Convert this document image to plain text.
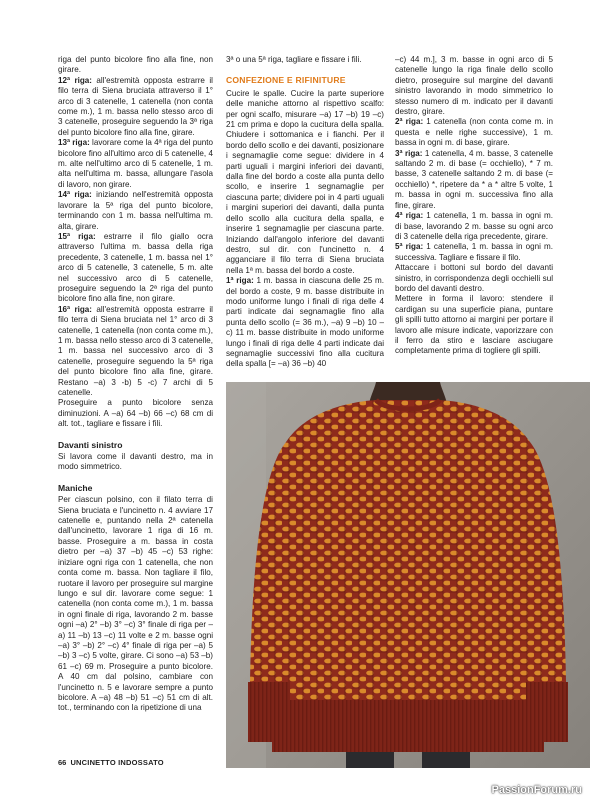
riga del punto bicolore fino alla fine, non girare.

12ª riga: all'estremità opposta estrarre il filo terra di Siena bruciata attraverso il 1° arco di 3 catenelle, 1 catenella (non conta come m.), 1 m. bassa nello stesso arco di 3 catenelle, proseguire seguendo la 3ª riga del punto bicolore fino alla fine, girare.

13ª riga: lavorare come la 4ª riga del punto bicolore fino all'ultimo arco di 5 catenelle, 4 m. alte nell'ultimo arco di 5 catenelle, 1 m. alta nell'ultima m. bassa, allungare l'asola di lavoro, non girare.

14ª riga: iniziando nell'estremità opposta lavorare la 5ª riga del punto bicolore, terminando con 1 m. bassa nell'ultima m. alta, girare.

15ª riga: estrarre il filo giallo ocra attraverso l'ultima m. bassa della riga precedente, 3 catenelle, 1 m. bassa nel 1° arco di 5 catenelle, 3 catenelle, 5 m. alte nel successivo arco di 5 catenelle, proseguire seguendo la 2ª riga del punto bicolore fino alla fine, non girare.

16ª riga: all'estremità opposta estrarre il filo terra di Siena bruciata nel 1° arco di 3 catenelle, 1 catenella (non conta come m.), 1 m. bassa nello stesso arco di 3 catenelle, 1 m. bassa nel successivo arco di 3 catenelle, proseguire seguendo la 5ª riga del punto bicolore fino alla fine, girare. Restano –a) 3 -b) 5 -c) 7 archi di 5 catenelle.

Proseguire a punto bicolore senza diminuzioni. A –a) 64 –b) 66 –c) 68 cm di alt. tot., tagliare e fissare i fili.

Davanti sinistro

Si lavora come il davanti destro, ma in modo simmetrico.

Maniche

Per ciascun polsino, con il filato terra di Siena bruciata e l'uncinetto n. 4 avviare 17 catenelle e, puntando nella 2ª catenella dall'uncinetto, lavorare 1 riga di 16 m. basse. Proseguire a m. bassa in costa dietro per –a) 37 –b) 45 –c) 53 righe: iniziare ogni riga con 1 catenella, che non conta come m. bassa. Non tagliare il filo, ruotare il lavoro per proseguire sul margine lungo e sul dir. lavorare come segue: 1 catenella (non conta come m.), 1 m. bassa in ogni finale di riga, lavorando 2 m. basse ogni –a) 2° –b) 3° –c) 3° finale di riga per –a) 11 –b) 13 –c) 11 volte e 2 m. basse ogni –a) 3° –b) 2° –c) 4° finale di riga per –a) 5 –b) 3 –c) 5 volte, girare. Ci sono –a) 53 –b) 61 –c) 69 m. Proseguire a punto bicolore. A 40 cm dal polsino, cambiare con l'uncinetto n. 5 e lavorare sempre a punto bicolore. A –a) 48 –b) 51 –c) 51 cm di alt. tot., terminando con la ripetizione di una

3ª o una 5ª riga, tagliare e fissare i fili.

CONFEZIONE E RIFINITURE

Cucire le spalle. Cucire la parte superiore delle maniche attorno al rispettivo scalfo: per ogni scalfo, misurare –a) 17 –b) 19 –c) 21 cm prima e dopo la cucitura della spalla. Chiudere i sottomanica e i fianchi. Per il bordo dello scollo e dei davanti, posizionare i segnamaglie come segue: dividere in 4 parti uguali i margini inferiori dei davanti, dalla fine del bordo a coste alla punta dello scollo, e inserire 1 segnamaglie per ciascuna parte; dividere poi in 4 parti uguali i margini superiori dei davanti, dalla punta dello scollo alla cucitura della spalla, e inserire 1 segnamaglie per ciascuna parte. Iniziando dall'angolo inferiore del davanti destro, sul dir. con l'uncinetto n. 4 agganciare il filo terra di Siena bruciata nella 1ª m. bassa del bordo a coste.

1ª riga: 1 m. bassa in ciascuna delle 25 m. del bordo a coste, 9 m. basse distribuite in modo uniforme lungo i finali di riga delle 4 parti indicate dai segnamaglie fino alla punta dello scollo (= 36 m.), –a) 9 –b) 10 –c) 11 m. basse distribuite in modo uniforme lungo i finali di riga delle 4 parti indicate dai segnamaglie successivi fino alla cucitura della spalla [= –a) 36 –b) 40

–c) 44 m.], 3 m. basse in ogni arco di 5 catenelle lungo la riga finale dello scollo dietro, proseguire sul margine del davanti sinistro lavorando in modo simmetrico lo stesso numero di m. indicato per il davanti destro, girare.

2ª riga: 1 catenella (non conta come m. in questa e nelle righe successive), 1 m. bassa in ogni m. di base, girare.

3ª riga: 1 catenella, 4 m. basse, 3 catenelle saltando 2 m. di base (= occhiello), * 7 m. basse, 3 catenelle saltando 2 m. di base (= occhiello) *, ripetere da * a * altre 5 volte, 1 m. bassa in ogni m. successiva fino alla fine, girare.

4ª riga: 1 catenella, 1 m. bassa in ogni m. di base, lavorando 2 m. basse su ogni arco di 3 catenelle della riga precedente, girare.

5ª riga: 1 catenella, 1 m. bassa in ogni m. successiva. Tagliare e fissare il filo.

Attaccare i bottoni sul bordo del davanti sinistro, in corrispondenza degli occhielli sul bordo del davanti destro.

Mettere in forma il lavoro: stendere il cardigan su una superficie piana, puntare gli spilli tutto attorno ai margini per portare il lavoro alle misure indicate, vaporizzare con il ferro da stiro e lasciare asciugare completamente prima di togliere gli spilli.

66 UNCINETTO INDOSSATO
PassionForum.ru
